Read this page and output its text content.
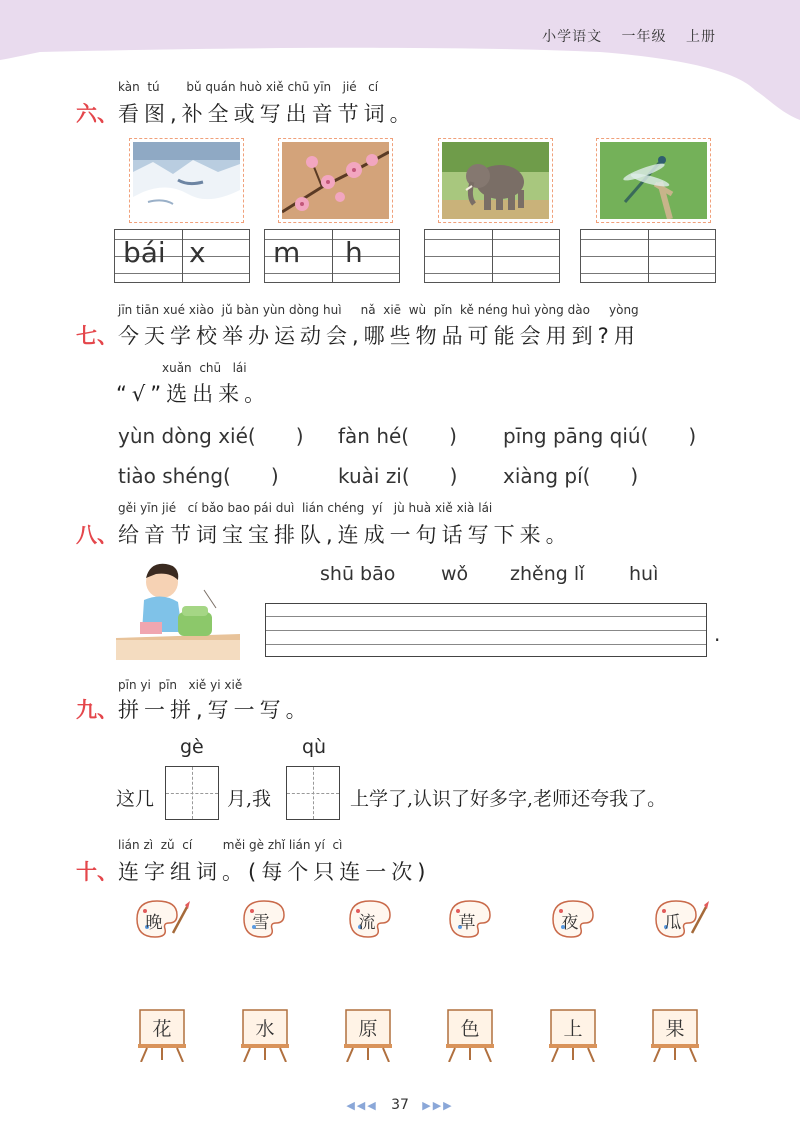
小学语文 一年级 上册
kàn tú bǔ quán huò xiě chū yīn jié cí
六、看图,补全或写出音节词。
bái x m h
jīn tiān xué xiào jǔ bàn yùn dòng huì nǎ xiē wù pǐn kě néng huì yòng dào yòng
七、今天学校举办运动会,哪些物品可能会用到?用
xuǎn chū lái
“√”选出来。
yùn dòng xié(　　) fàn hé(　　) pīng pāng qiú(　　)
tiào shéng(　　)	kuài zi(　　) xiàng pí(　　)
gěi yīn jié cí bǎo bao pái duì lián chéng yí jù huà xiě xià lái
八、给音节词宝宝排队,连成一句话写下来。
shū bāo wǒ zhěng lǐ huì
.
pīn yi pīn xiě yi xiě
九、拼一拼,写一写。
gè	qù
这几	月,我	上学了,认识了好多字,老师还夸我了。
lián zì zǔ cí	měi gè zhǐ lián yí cì
十、连字组词。(每个只连一次)
晚	雪	流	草	夜	瓜
花	水	原	色	上	果
◀◀◀ 37 ▶▶▶
